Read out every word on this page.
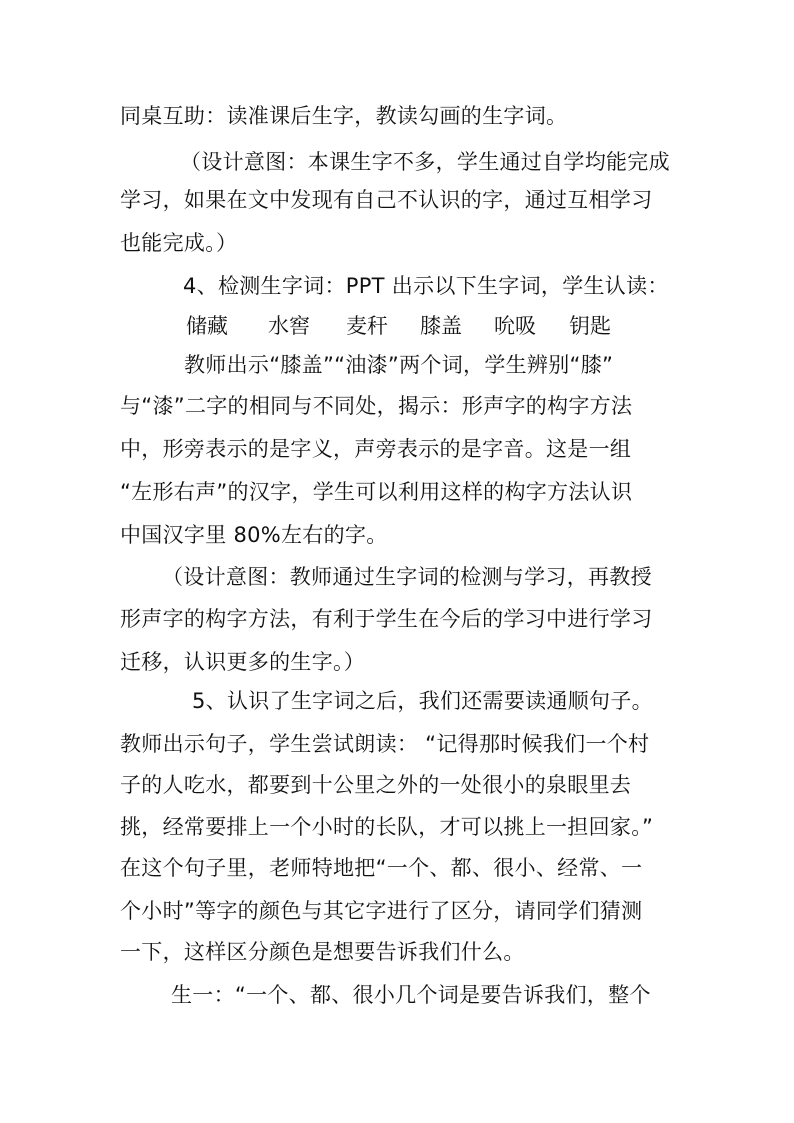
同桌互助：读准课后生字，教读勾画的生字词。
（设计意图：本课生字不多，学生通过自学均能完成
学习，如果在文中发现有自己不认识的字，通过互相学习
也能完成。）
4、检测生字词：PPT 出示以下生字词，学生认读：
储藏 水窖 麦秆 膝盖 吮吸 钥匙
教师出示“膝盖”“油漆”两个词，学生辨别“膝”
与“漆”二字的相同与不同处，揭示：形声字的构字方法
中，形旁表示的是字义，声旁表示的是字音。这是一组
“左形右声”的汉字，学生可以利用这样的构字方法认识
中国汉字里 80%左右的字。
（设计意图：教师通过生字词的检测与学习，再教授
形声字的构字方法，有利于学生在今后的学习中进行学习
迁移，认识更多的生字。）
5、认识了生字词之后，我们还需要读通顺句子。
教师出示句子，学生尝试朗读： “记得那时候我们一个村
子的人吃水，都要到十公里之外的一处很小的泉眼里去
挑，经常要排上一个小时的长队，才可以挑上一担回家。”
在这个句子里，老师特地把“一个、都、很小、经常、一
个小时”等字的颜色与其它字进行了区分，请同学们猜测
一下，这样区分颜色是想要告诉我们什么。
生一：“一个、都、很小几个词是要告诉我们，整个
